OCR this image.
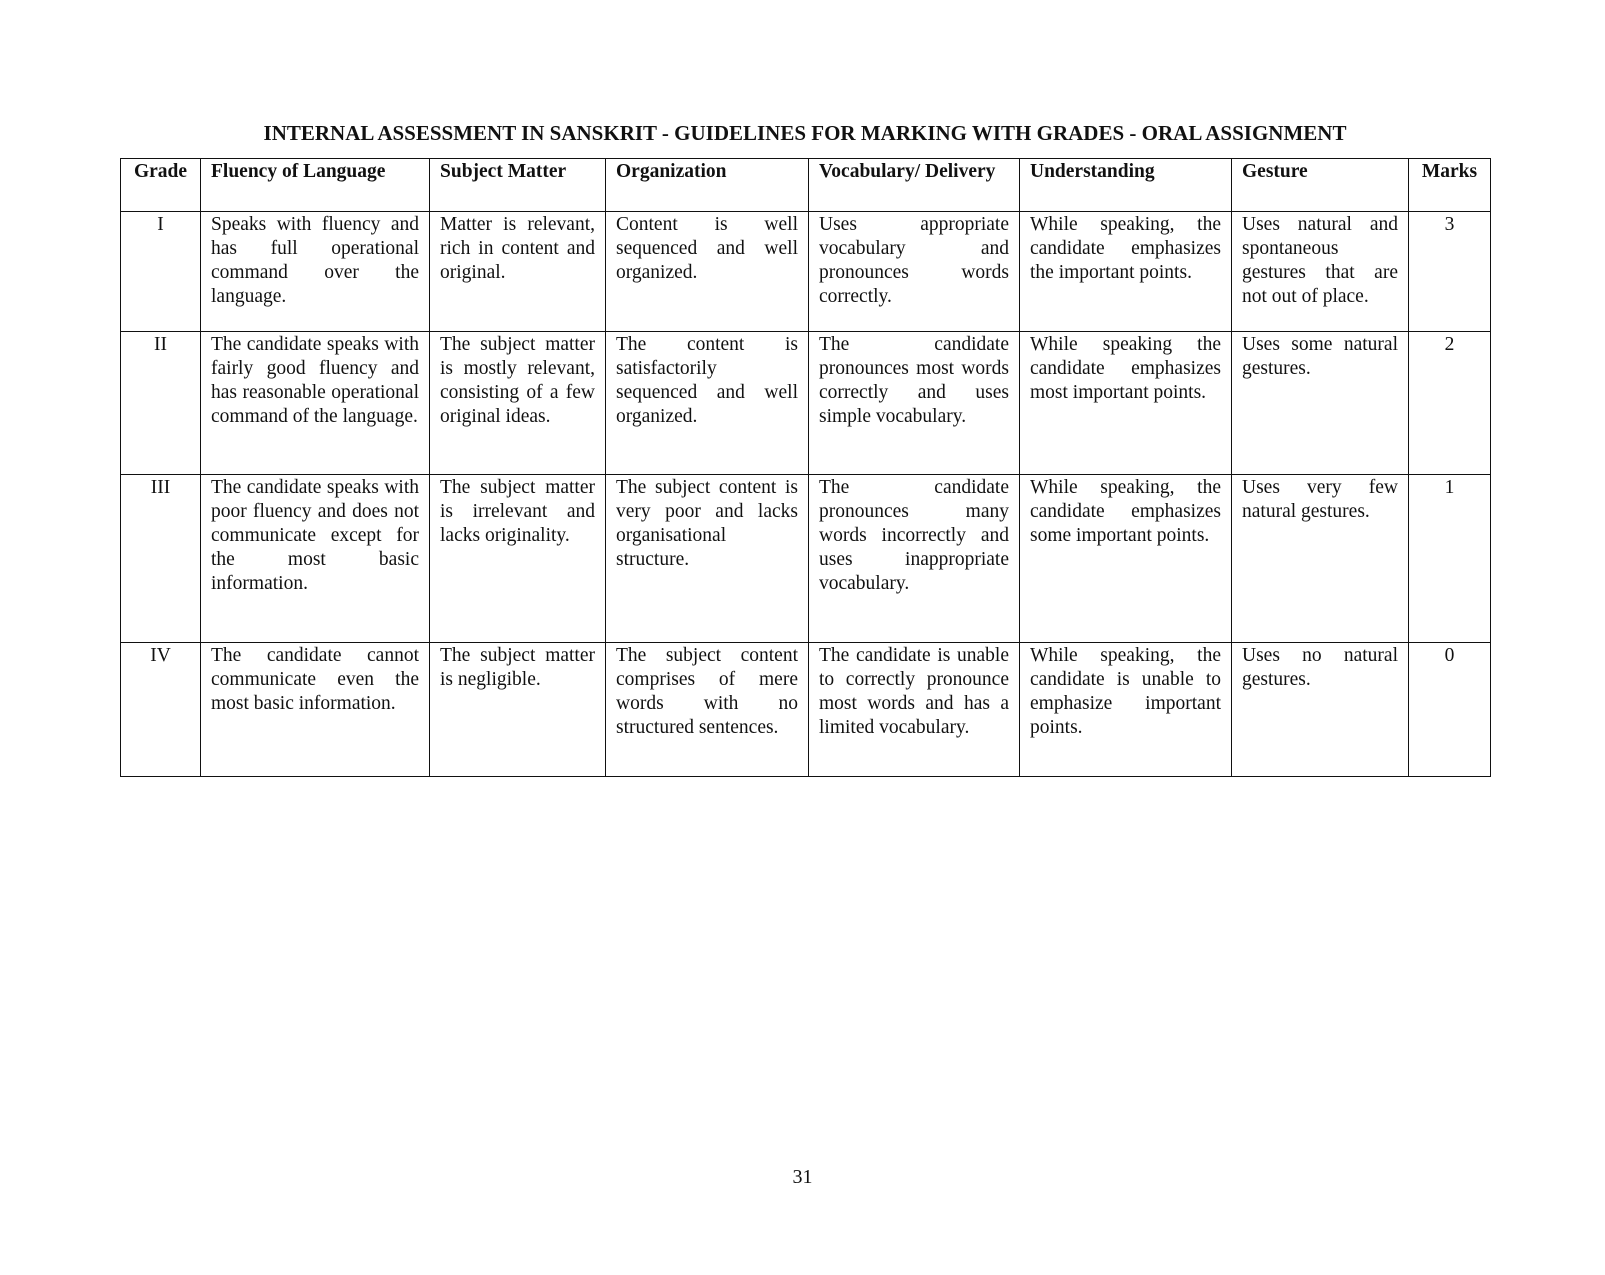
INTERNAL ASSESSMENT IN SANSKRIT - GUIDELINES FOR MARKING WITH GRADES - ORAL ASSIGNMENT
Grade	Fluency of Language	Subject Matter	Organization	Vocabulary/ Delivery	Understanding	Gesture	Marks
I	Speaks with fluency and has full operational command over the language.	Matter is relevant, rich in content and original.	Content is well sequenced and well organized.	Uses appropriate vocabulary and pronounces words correctly.	While speaking, the candidate emphasizes the important points.	Uses natural and spontaneous gestures that are not out of place.	3
II	The candidate speaks with fairly good fluency and has reasonable operational command of the language.	The subject matter is mostly relevant, consisting of a few original ideas.	The content is satisfactorily sequenced and well organized.	The candidate pronounces most words correctly and uses simple vocabulary.	While speaking the candidate emphasizes most important points.	Uses some natural gestures.	2
III	The candidate speaks with poor fluency and does not communicate except for the most basic information.	The subject matter is irrelevant and lacks originality.	The subject content is very poor and lacks organisational structure.	The candidate pronounces many words incorrectly and uses inappropriate vocabulary.	While speaking, the candidate emphasizes some important points.	Uses very few natural gestures.	1
IV	The candidate cannot communicate even the most basic information.	The subject matter is negligible.	The subject content comprises of mere words with no structured sentences.	The candidate is unable to correctly pronounce most words and has a limited vocabulary.	While speaking, the candidate is unable to emphasize important points.	Uses no natural gestures.	0
31
